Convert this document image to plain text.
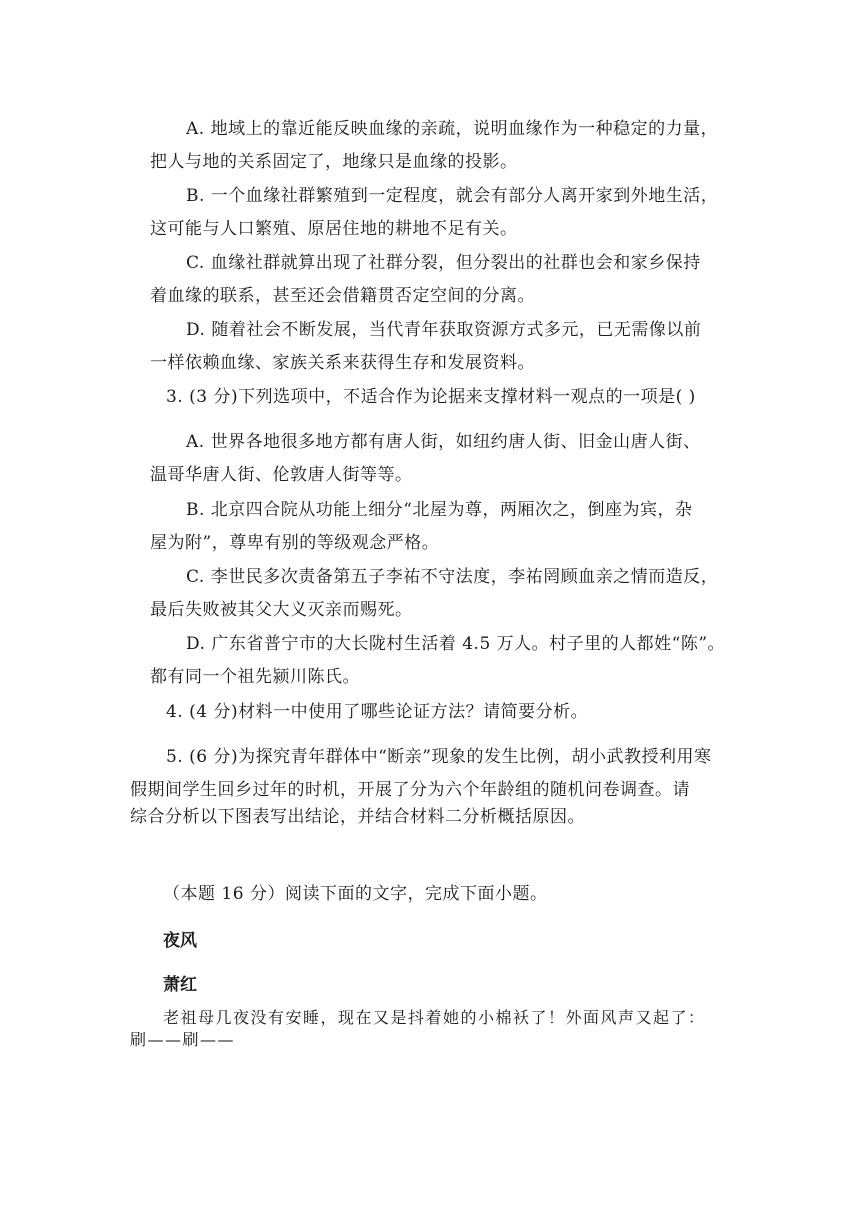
A. 地域上的靠近能反映血缘的亲疏，说明血缘作为一种稳定的力量，
把人与地的关系固定了，地缘只是血缘的投影。
B. 一个血缘社群繁殖到一定程度，就会有部分人离开家到外地生活，
这可能与人口繁殖、原居住地的耕地不足有关。
C. 血缘社群就算出现了社群分裂，但分裂出的社群也会和家乡保持
着血缘的联系，甚至还会借籍贯否定空间的分离。
D. 随着社会不断发展，当代青年获取资源方式多元，已无需像以前
一样依赖血缘、家族关系来获得生存和发展资料。
3. (3 分)下列选项中，不适合作为论据来支撑材料一观点的一项是( )
A. 世界各地很多地方都有唐人街，如纽约唐人街、旧金山唐人街、
温哥华唐人街、伦敦唐人街等等。
B. 北京四合院从功能上细分“北屋为尊，两厢次之，倒座为宾，杂
屋为附”，尊卑有别的等级观念严格。
C. 李世民多次责备第五子李祐不守法度，李祐罔顾血亲之情而造反，
最后失败被其父大义灭亲而赐死。
D. 广东省普宁市的大长陇村生活着 4.5 万人。村子里的人都姓“陈”。
都有同一个祖先颍川陈氏。
4. (4 分)材料一中使用了哪些论证方法？请简要分析。
5. (6 分)为探究青年群体中“断亲”现象的发生比例，胡小武教授利用寒
假期间学生回乡过年的时机，开展了分为六个年龄组的随机问卷调查。请
综合分析以下图表写出结论，并结合材料二分析概括原因。
（本题 16 分）阅读下面的文字，完成下面小题。
夜风
萧红
老祖母几夜没有安睡，现在又是抖着她的小棉袄了！外面风声又起了：
刷——刷——
